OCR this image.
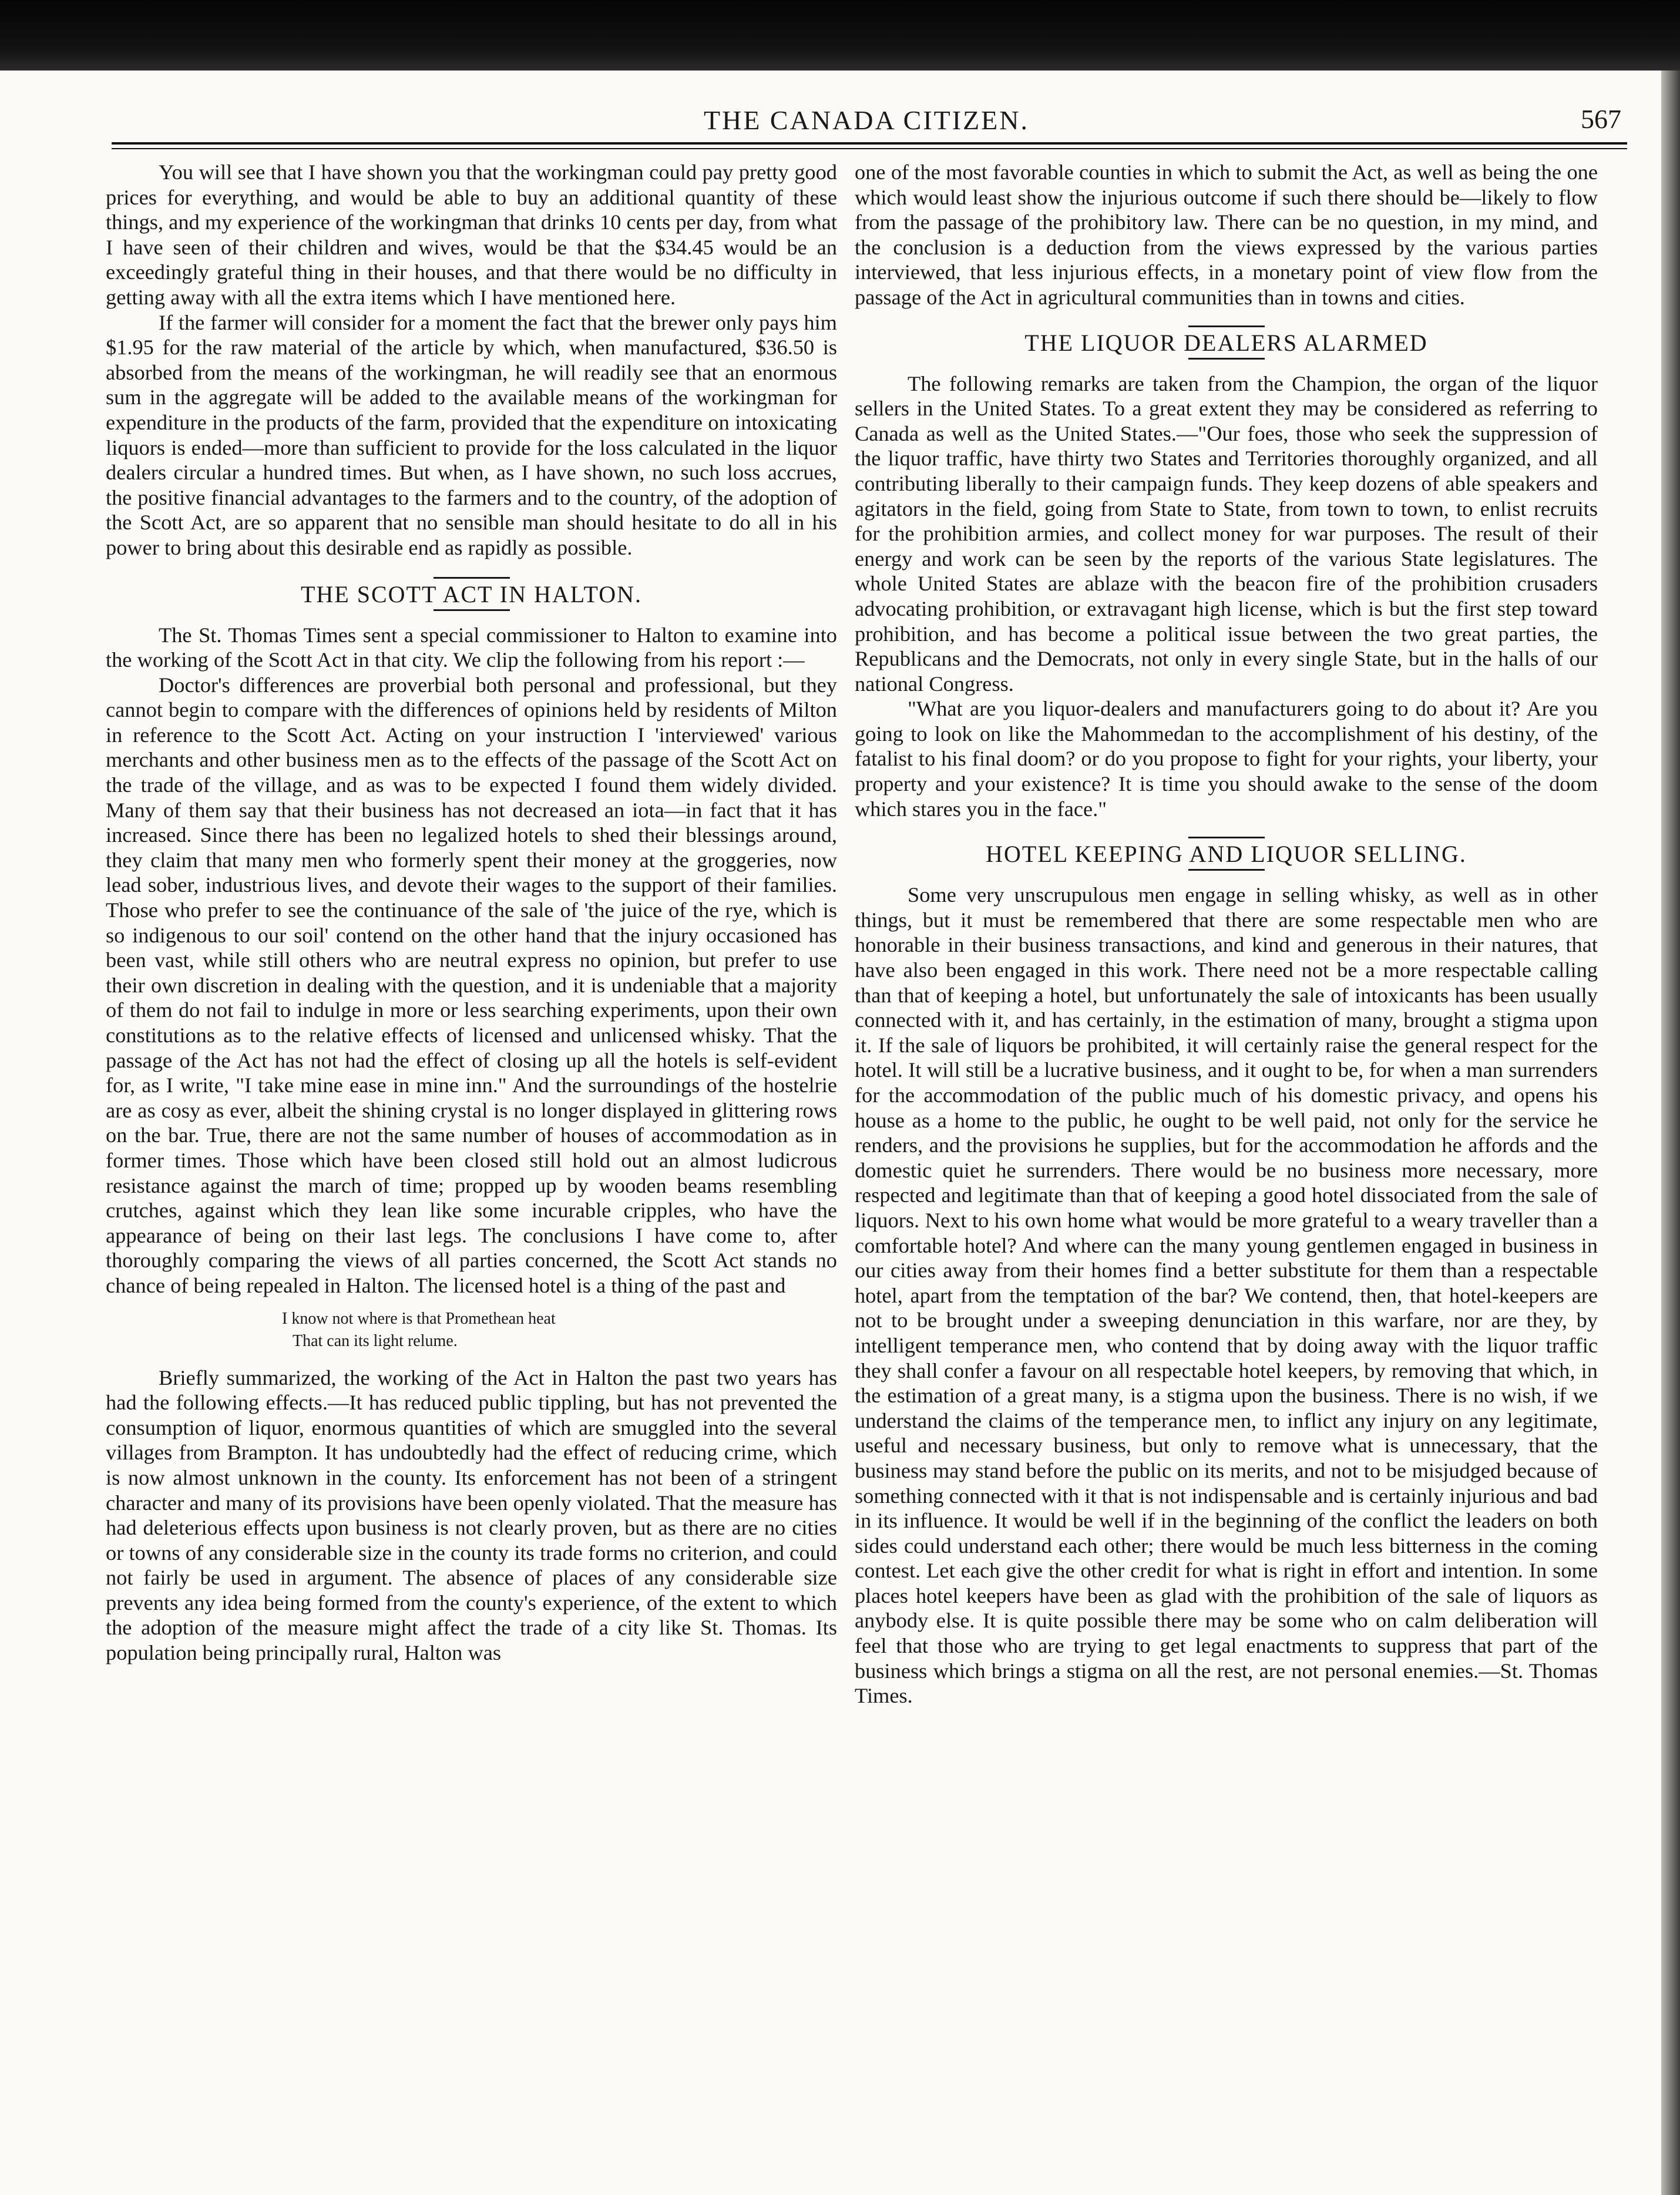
THE CANADA CITIZEN.	567

You will see that I have shown you that the workingman could pay pretty good prices for everything, and would be able to buy an additional quantity of these things, and my experience of the workingman that drinks 10 cents per day, from what I have seen of their children and wives, would be that the $34.45 would be an exceedingly grateful thing in their houses, and that there would be no difficulty in getting away with all the extra items which I have mentioned here.

If the farmer will consider for a moment the fact that the brewer only pays him $1.95 for the raw material of the article by which, when manufactured, $36.50 is absorbed from the means of the workingman, he will readily see that an enormous sum in the aggregate will be added to the available means of the workingman for expenditure in the products of the farm, provided that the expenditure on intoxicating liquors is ended—more than sufficient to provide for the loss calculated in the liquor dealers circular a hundred times. But when, as I have shown, no such loss accrues, the positive financial advantages to the farmers and to the country, of the adoption of the Scott Act, are so apparent that no sensible man should hesitate to do all in his power to bring about this desirable end as rapidly as possible.

THE SCOTT ACT IN HALTON.

The St. Thomas Times sent a special commissioner to Halton to examine into the working of the Scott Act in that city. We clip the following from his report :—

Doctor's differences are proverbial both personal and professional, but they cannot begin to compare with the differences of opinions held by residents of Milton in reference to the Scott Act. Acting on your instruction I 'interviewed' various merchants and other business men as to the effects of the passage of the Scott Act on the trade of the village, and as was to be expected I found them widely divided. Many of them say that their business has not decreased an iota—in fact that it has increased. Since there has been no legalized hotels to shed their blessings around, they claim that many men who formerly spent their money at the groggeries, now lead sober, industrious lives, and devote their wages to the support of their families. Those who prefer to see the continuance of the sale of 'the juice of the rye, which is so indigenous to our soil' contend on the other hand that the injury occasioned has been vast, while still others who are neutral express no opinion, but prefer to use their own discretion in dealing with the question, and it is undeniable that a majority of them do not fail to indulge in more or less searching experiments, upon their own constitutions as to the relative effects of licensed and unlicensed whisky. That the passage of the Act has not had the effect of closing up all the hotels is self-evident for, as I write, "I take mine ease in mine inn." And the surroundings of the hostelrie are as cosy as ever, albeit the shining crystal is no longer displayed in glittering rows on the bar. True, there are not the same number of houses of accommodation as in former times. Those which have been closed still hold out an almost ludicrous resistance against the march of time; propped up by wooden beams resembling crutches, against which they lean like some incurable cripples, who have the appearance of being on their last legs. The conclusions I have come to, after thoroughly comparing the views of all parties concerned, the Scott Act stands no chance of being repealed in Halton. The licensed hotel is a thing of the past and

I know not where is that Promethean heat
That can its light relume.

Briefly summarized, the working of the Act in Halton the past two years has had the following effects.—It has reduced public tippling, but has not prevented the consumption of liquor, enormous quantities of which are smuggled into the several villages from Brampton. It has undoubtedly had the effect of reducing crime, which is now almost unknown in the county. Its enforcement has not been of a stringent character and many of its provisions have been openly violated. That the measure has had deleterious effects upon business is not clearly proven, but as there are no cities or towns of any considerable size in the county its trade forms no criterion, and could not fairly be used in argument. The absence of places of any considerable size prevents any idea being formed from the county's experience, of the extent to which the adoption of the measure might affect the trade of a city like St. Thomas. Its population being principally rural, Halton was

one of the most favorable counties in which to submit the Act, as well as being the one which would least show the injurious outcome if such there should be—likely to flow from the passage of the prohibitory law. There can be no question, in my mind, and the conclusion is a deduction from the views expressed by the various parties interviewed, that less injurious effects, in a monetary point of view flow from the passage of the Act in agricultural communities than in towns and cities.

THE LIQUOR DEALERS ALARMED

The following remarks are taken from the Champion, the organ of the liquor sellers in the United States. To a great extent they may be considered as referring to Canada as well as the United States.—"Our foes, those who seek the suppression of the liquor traffic, have thirty two States and Territories thoroughly organized, and all contributing liberally to their campaign funds. They keep dozens of able speakers and agitators in the field, going from State to State, from town to town, to enlist recruits for the prohibition armies, and collect money for war purposes. The result of their energy and work can be seen by the reports of the various State legislatures. The whole United States are ablaze with the beacon fire of the prohibition crusaders advocating prohibition, or extravagant high license, which is but the first step toward prohibition, and has become a political issue between the two great parties, the Republicans and the Democrats, not only in every single State, but in the halls of our national Congress.

"What are you liquor-dealers and manufacturers going to do about it? Are you going to look on like the Mahommedan to the accomplishment of his destiny, of the fatalist to his final doom? or do you propose to fight for your rights, your liberty, your property and your existence? It is time you should awake to the sense of the doom which stares you in the face."

HOTEL KEEPING AND LIQUOR SELLING.

Some very unscrupulous men engage in selling whisky, as well as in other things, but it must be remembered that there are some respectable men who are honorable in their business transactions, and kind and generous in their natures, that have also been engaged in this work. There need not be a more respectable calling than that of keeping a hotel, but unfortunately the sale of intoxicants has been usually connected with it, and has certainly, in the estimation of many, brought a stigma upon it. If the sale of liquors be prohibited, it will certainly raise the general respect for the hotel. It will still be a lucrative business, and it ought to be, for when a man surrenders for the accommodation of the public much of his domestic privacy, and opens his house as a home to the public, he ought to be well paid, not only for the service he renders, and the provisions he supplies, but for the accommodation he affords and the domestic quiet he surrenders. There would be no business more necessary, more respected and legitimate than that of keeping a good hotel dissociated from the sale of liquors. Next to his own home what would be more grateful to a weary traveller than a comfortable hotel? And where can the many young gentlemen engaged in business in our cities away from their homes find a better substitute for them than a respectable hotel, apart from the temptation of the bar? We contend, then, that hotel-keepers are not to be brought under a sweeping denunciation in this warfare, nor are they, by intelligent temperance men, who contend that by doing away with the liquor traffic they shall confer a favour on all respectable hotel keepers, by removing that which, in the estimation of a great many, is a stigma upon the business. There is no wish, if we understand the claims of the temperance men, to inflict any injury on any legitimate, useful and necessary business, but only to remove what is unnecessary, that the business may stand before the public on its merits, and not to be misjudged because of something connected with it that is not indispensable and is certainly injurious and bad in its influence. It would be well if in the beginning of the conflict the leaders on both sides could understand each other; there would be much less bitterness in the coming contest. Let each give the other credit for what is right in effort and intention. In some places hotel keepers have been as glad with the prohibition of the sale of liquors as anybody else. It is quite possible there may be some who on calm deliberation will feel that those who are trying to get legal enactments to suppress that part of the business which brings a stigma on all the rest, are not personal enemies.—St. Thomas Times.
